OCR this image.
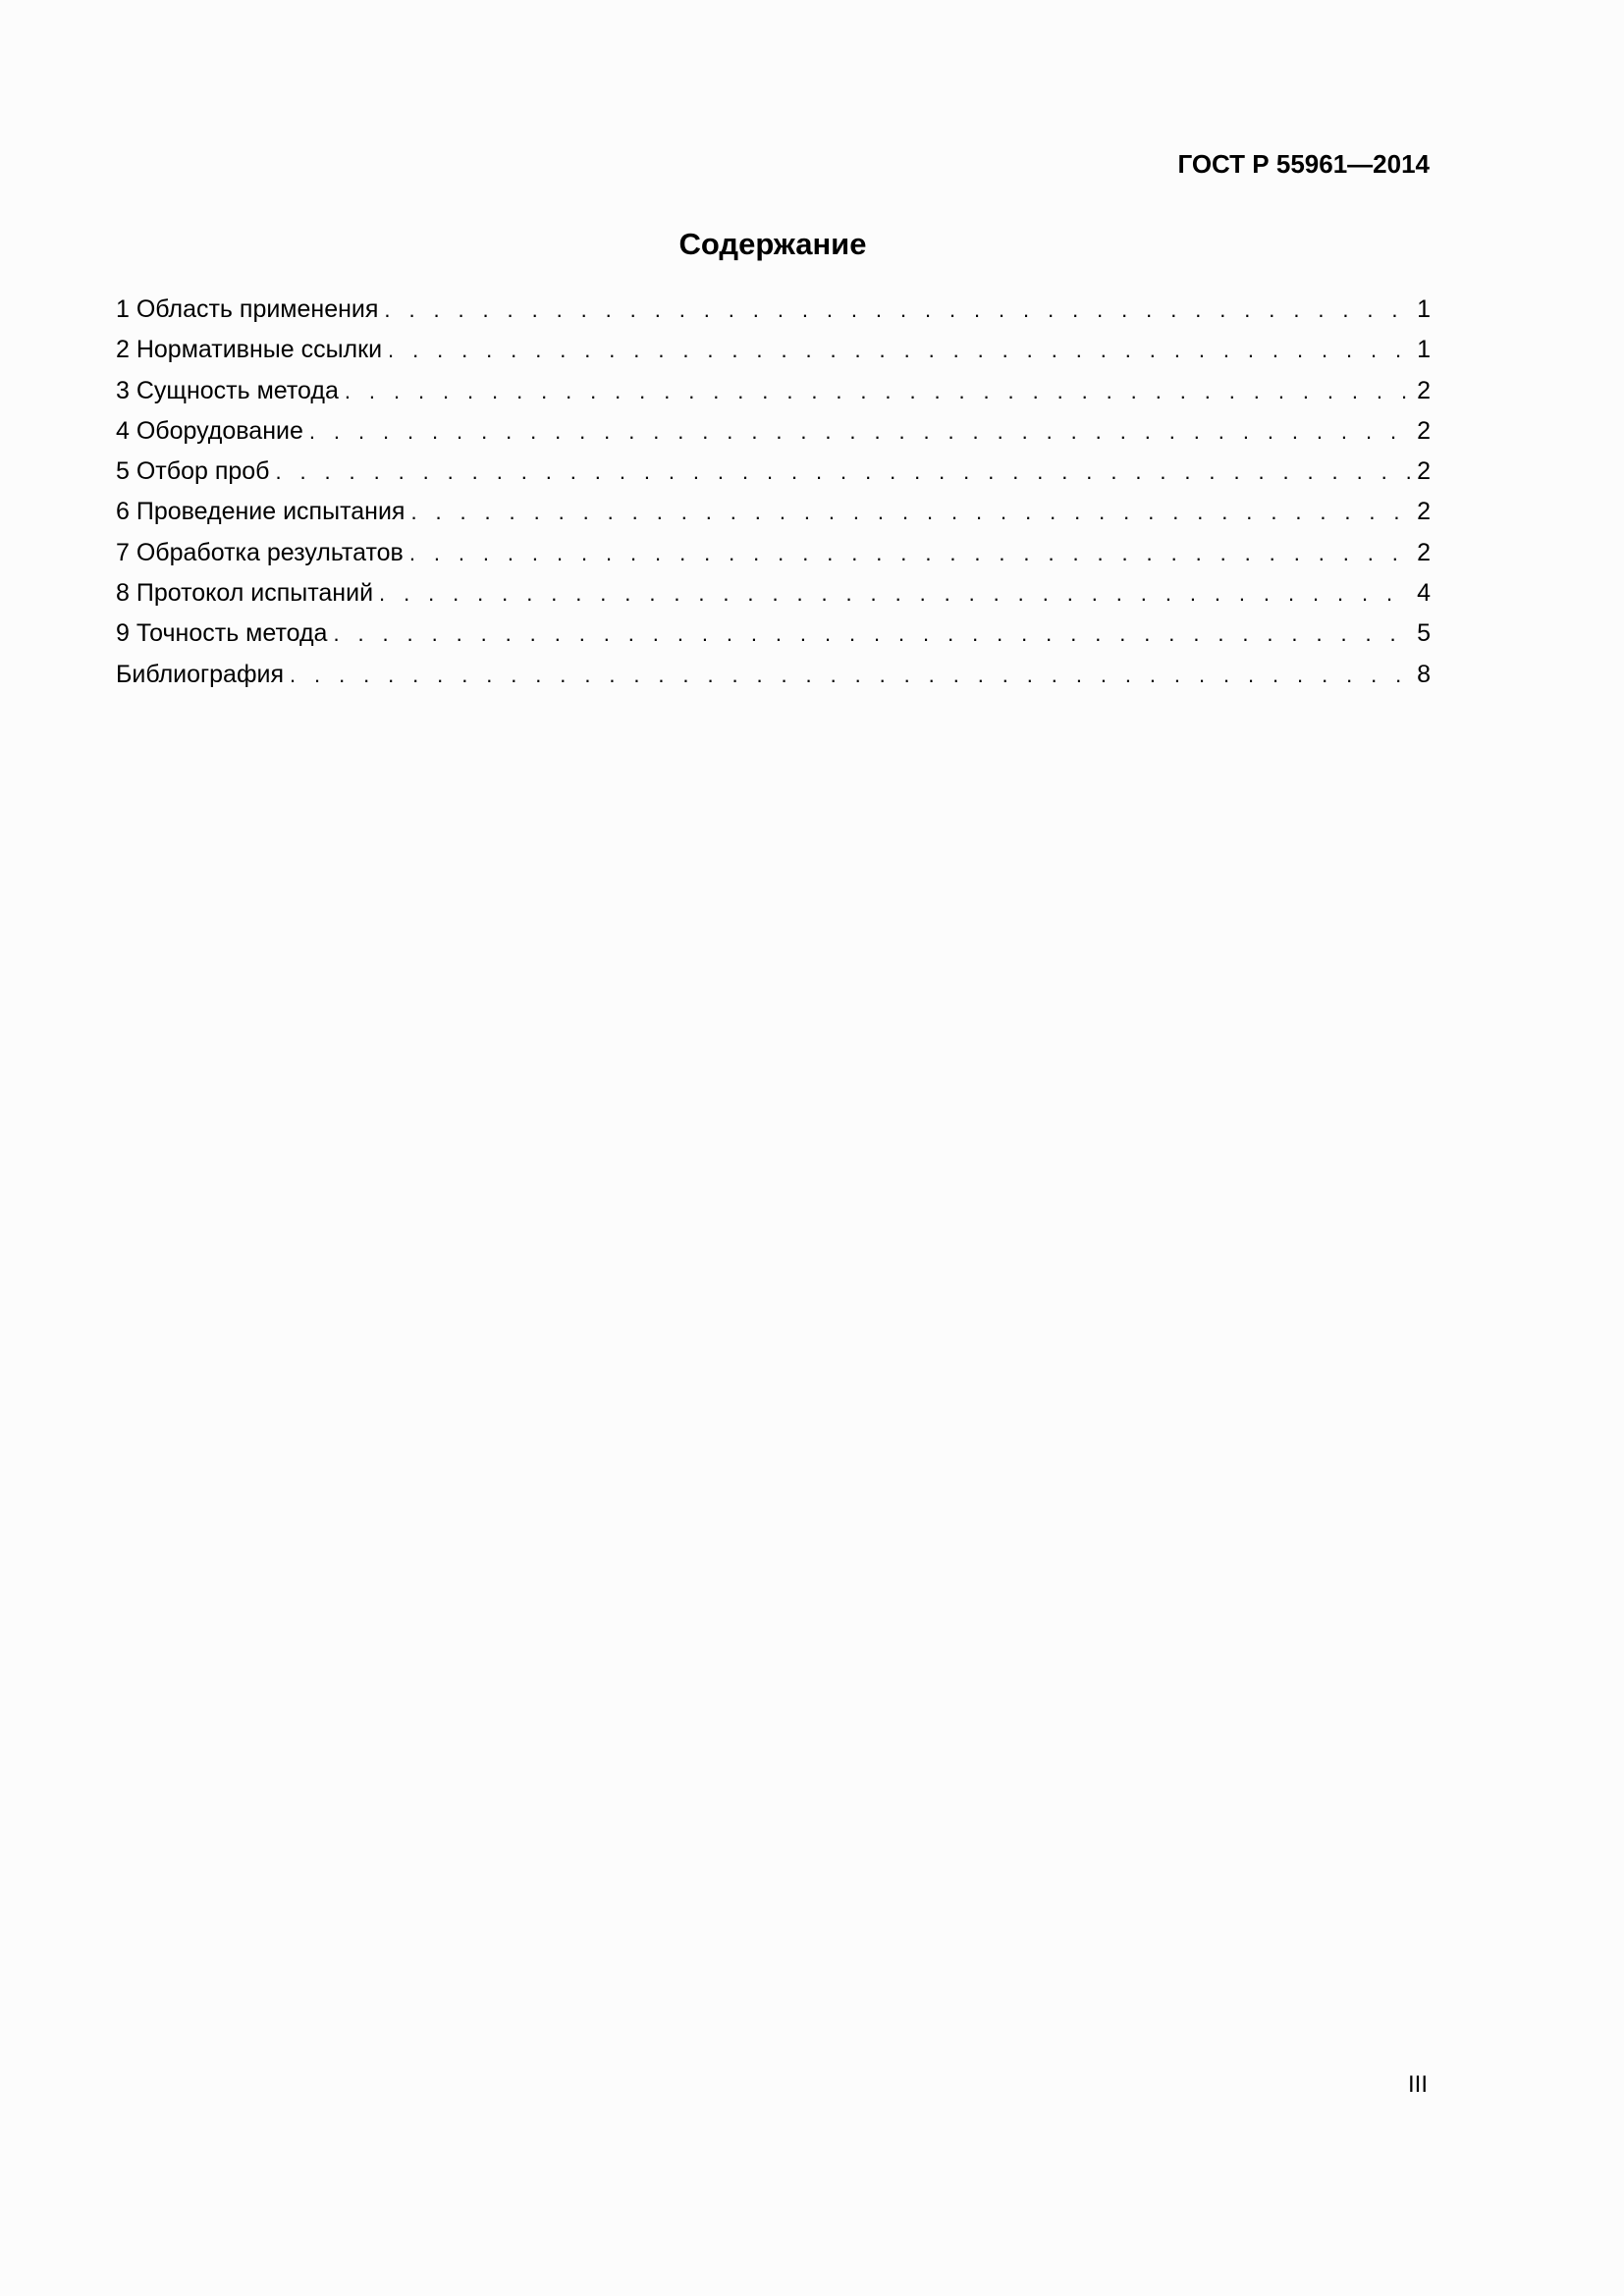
ГОСТ Р 55961—2014
Содержание
1 Область применения . . .	1
2 Нормативные ссылки . . .	1
3 Сущность метода . . .	2
4 Оборудование . . .	2
5 Отбор проб . . .	2
6 Проведение испытания . . .	2
7 Обработка результатов . . .	2
8 Протокол испытаний . . .	4
9 Точность метода . . .	5
Библиография . . .	8
III
